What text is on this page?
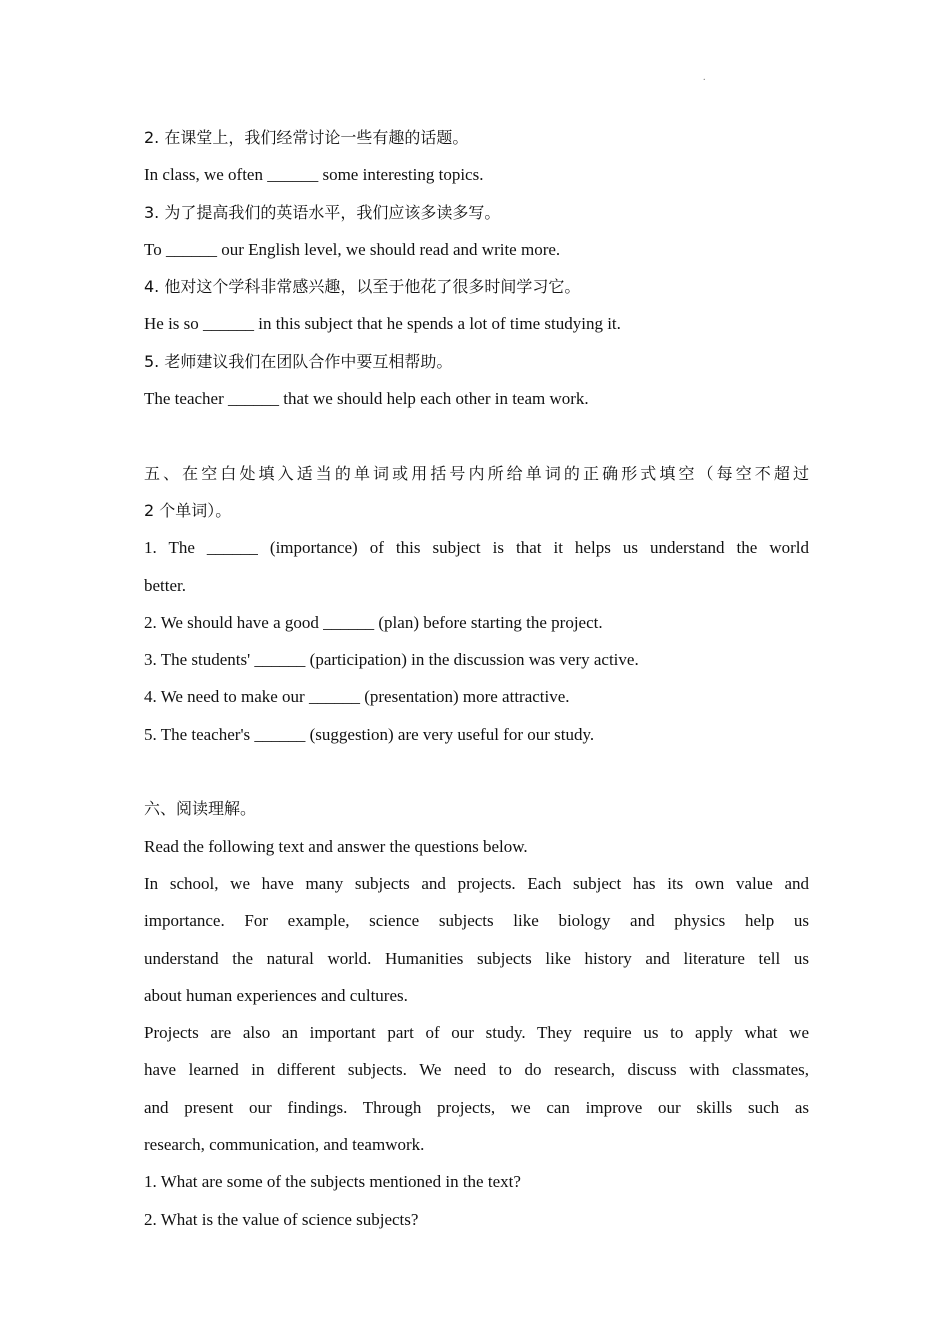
.
2. 在课堂上，我们经常讨论一些有趣的话题。
In class, we often ______ some interesting topics.
3. 为了提高我们的英语水平，我们应该多读多写。
To ______ our English level, we should read and write more.
4. 他对这个学科非常感兴趣，以至于他花了很多时间学习它。
He is so ______ in this subject that he spends a lot of time studying it.
5. 老师建议我们在团队合作中要互相帮助。
The teacher ______ that we should help each other in team work.
五、在空白处填入适当的单词或用括号内所给单词的正确形式填空（每空不超过
2 个单词）。
1. The ______ (importance) of this subject is that it helps us understand the world
better.
2. We should have a good ______ (plan) before starting the project.
3. The students' ______ (participation) in the discussion was very active.
4. We need to make our ______ (presentation) more attractive.
5. The teacher's ______ (suggestion) are very useful for our study.
六、阅读理解。
Read the following text and answer the questions below.
In school, we have many subjects and projects. Each subject has its own value and
importance. For example, science subjects like biology and physics help us
understand the natural world. Humanities subjects like history and literature tell us
about human experiences and cultures.
Projects are also an important part of our study. They require us to apply what we
have learned in different subjects. We need to do research, discuss with classmates,
and present our findings. Through projects, we can improve our skills such as
research, communication, and teamwork.
1. What are some of the subjects mentioned in the text?
2. What is the value of science subjects?
